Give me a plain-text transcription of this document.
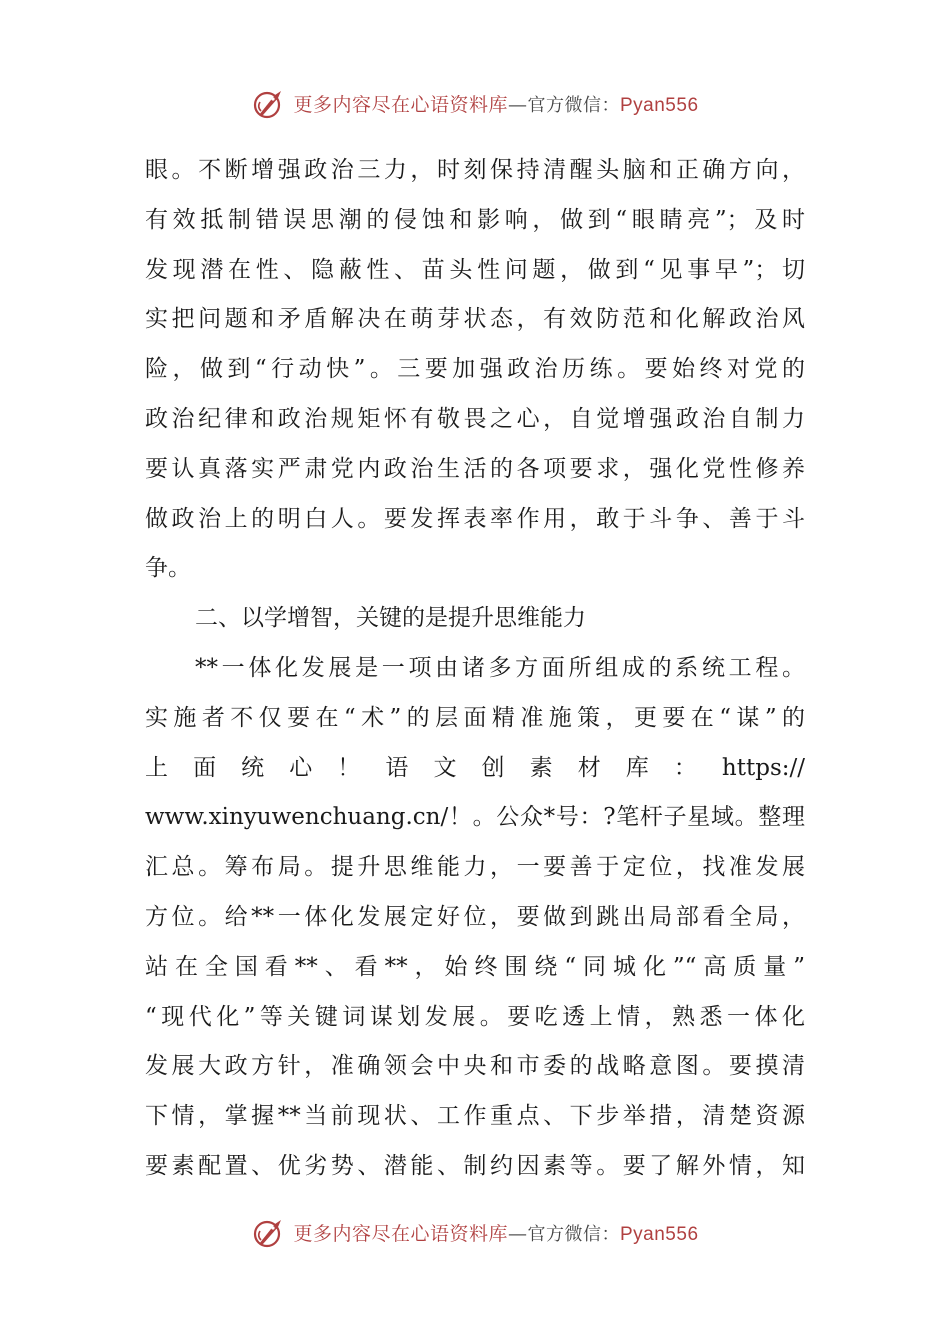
更多内容尽在心语资料库—官方微信：Pyan556
眼。不断增强政治三力，时刻保持清醒头脑和正确方向，
有效抵制错误思潮的侵蚀和影响，做到“眼睛亮”；及时
发现潜在性、隐蔽性、苗头性问题，做到“见事早”；切
实把问题和矛盾解决在萌芽状态，有效防范和化解政治风
险，做到“行动快”。三要加强政治历练。要始终对党的
政治纪律和政治规矩怀有敬畏之心，自觉增强政治自制力
要认真落实严肃党内政治生活的各项要求，强化党性修养
做政治上的明白人。要发挥表率作用，敢于斗争、善于斗
争。
二、以学增智，关键的是提升思维能力
**一体化发展是一项由诸多方面所组成的系统工程。
实施者不仅要在“术”的层面精准施策，更要在“谋”的
上面统心！语文创素材库：https://
www.xinyuwenchuang.cn/！。公众*号：?笔杆子星域。整理
汇总。筹布局。提升思维能力，一要善于定位，找准发展
方位。给**一体化发展定好位，要做到跳出局部看全局，
站在全国看**、看**，始终围绕“同城化”“高质量”
“现代化”等关键词谋划发展。要吃透上情，熟悉一体化
发展大政方针，准确领会中央和市委的战略意图。要摸清
下情，掌握**当前现状、工作重点、下步举措，清楚资源
要素配置、优劣势、潜能、制约因素等。要了解外情，知
更多内容尽在心语资料库—官方微信：Pyan556
